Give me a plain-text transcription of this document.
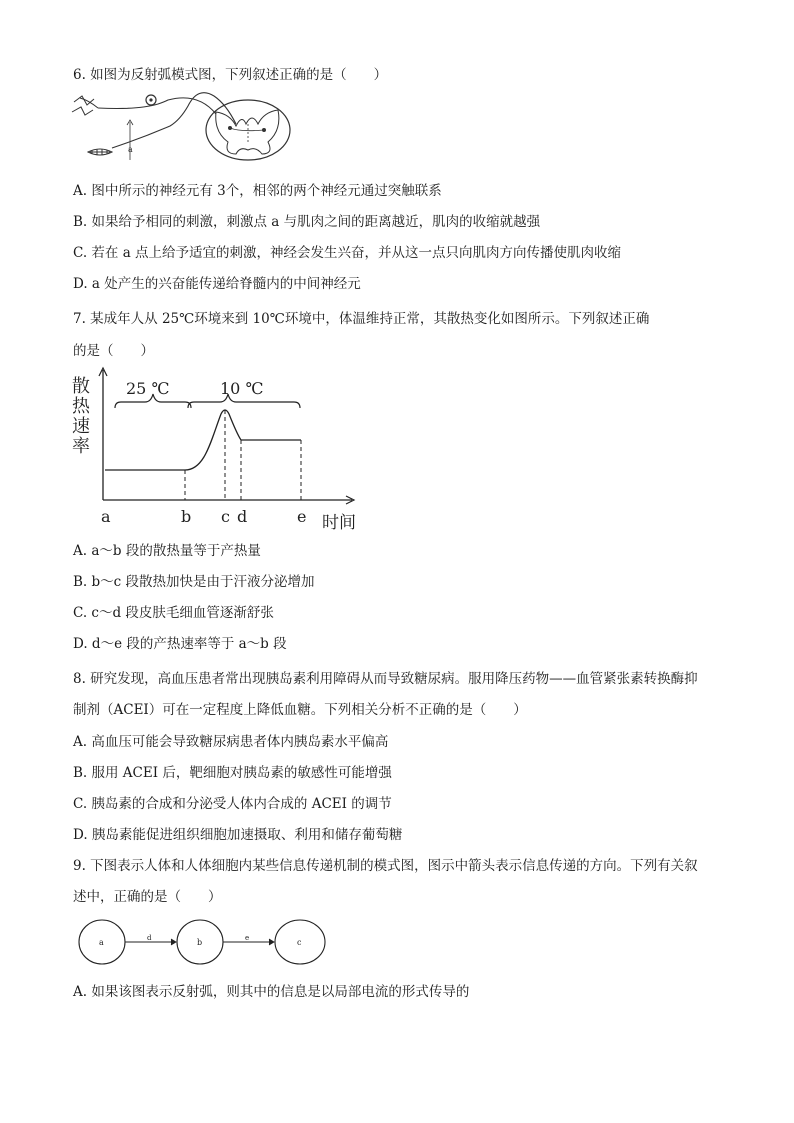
6. 如图为反射弧模式图，下列叙述正确的是（　　）
a
A. 图中所示的神经元有 3个，相邻的两个神经元通过突触联系
B. 如果给予相同的刺激，刺激点 a 与肌肉之间的距离越近，肌肉的收缩就越强
C. 若在 a 点上给予适宜的刺激，神经会发生兴奋，并从这一点只向肌肉方向传播使肌肉收缩
D. a 处产生的兴奋能传递给脊髓内的中间神经元
7. 某成年人从 25℃环境来到 10℃环境中，体温维持正常，其散热变化如图所示。下列叙述正确
的是（　　）
散
热
速
率
25 ℃	10 ℃
a	b c d	e 时间
A. a～b 段的散热量等于产热量
B. b～c 段散热加快是由于汗液分泌增加
C. c～d 段皮肤毛细血管逐渐舒张
D. d～e 段的产热速率等于 a～b 段
8. 研究发现，高血压患者常出现胰岛素利用障碍从而导致糖尿病。服用降压药物——血管紧张素转换酶抑
制剂（ACEI）可在一定程度上降低血糖。下列相关分析不正确的是（　　）
A. 高血压可能会导致糖尿病患者体内胰岛素水平偏高
B. 服用 ACEI 后，靶细胞对胰岛素的敏感性可能增强
C. 胰岛素的合成和分泌受人体内合成的 ACEI 的调节
D. 胰岛素能促进组织细胞加速摄取、利用和储存葡萄糖
9. 下图表示人体和人体细胞内某些信息传递机制的模式图，图示中箭头表示信息传递的方向。下列有关叙
述中，正确的是（　　）
a	d	b	e	c
A. 如果该图表示反射弧，则其中的信息是以局部电流的形式传导的
